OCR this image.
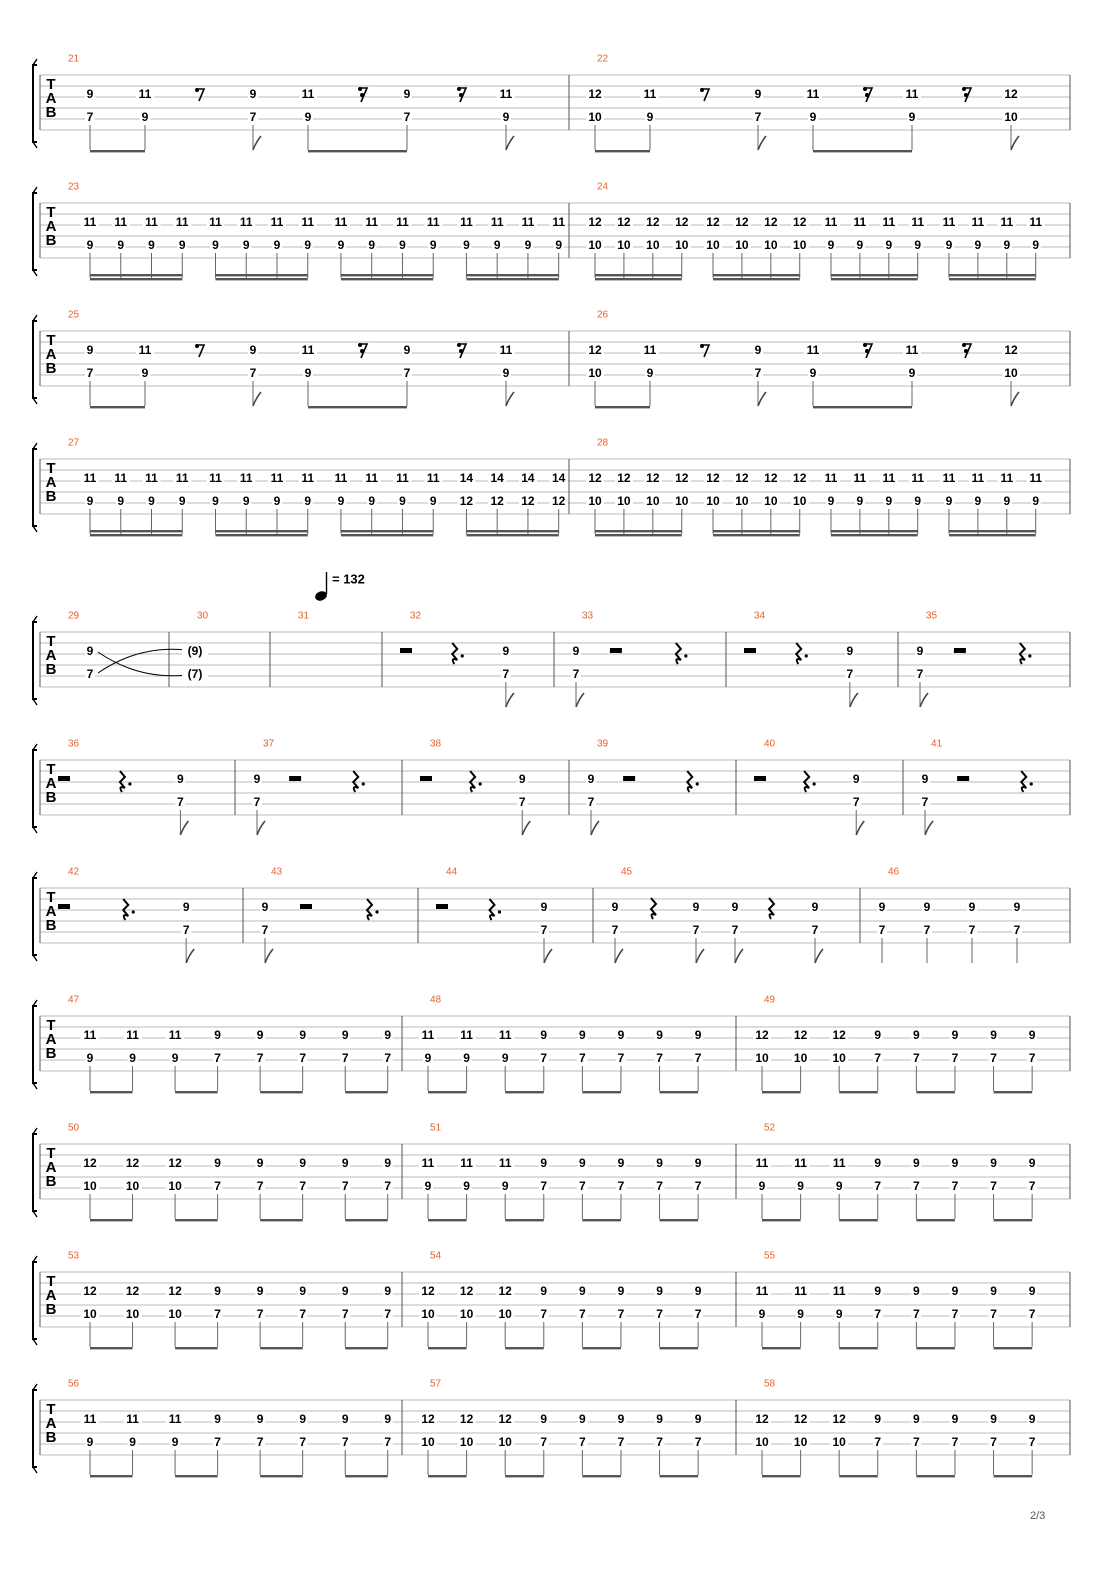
T
A
B
21
9	11	9	11	9	11
7	9	7	9	7	9
22
12	11	9	11	11	12
10	9	7	9	9	10
T
A
B
23
11 11 11 11 11 11 11 11 11 11 11 11 11 11 11 11
9 9 9 9 9 9 9 9 9 9 9 9 9 9 9 9
24
12 12 12 12 12 12 12 12 11 11 11 11 11 11 11 11
10 10 10 10 10 10 10 10 9 9 9 9 9 9 9 9
T
A
B
25
9	11	9	11	9	11
7	9	7	9	7	9
26
12	11	9	11	11	12
10	9	7	9	9	10
T
A
B
27
11 11 11 11 11 11 11 11 11 11 11 11 14 14 14 14
9 9 9 9 9 9 9 9 9 9 9 9 12 12 12 12
28
12 12 12 12 12 12 12 12 11 11 11 11 11 11 11 11
10 10 10 10 10 10 10 10 9 9 9 9 9 9 9 9
T
A
B
29
9
7
30
(9)
(7)
31	32
9
7
33
9
7
34
9
7
35
9
7
T
A
B
36
9
7
37
9
7
38
9
7
39
9
7
40
9
7
41
9
7
T
A
B
42
9
7
43
9
7
44
9
7
45
9
7
9
7
9
7
9
7
46
9
7
9
7
9
7
9
7
T
A
B
47
11 11 11	9	9	9	9	9
9	9	9	7	7	7	7	7
48
11 11 11 9	9	9	9	9
9	9	9	7	7	7	7	7
49
12 12 12 9	9	9	9	9
10 10 10 7	7	7	7	7
T
A
B
50
12 12 12	9	9	9	9	9
10 10 10	7	7	7	7	7
51
11 11 11 9	9	9	9	9
9	9	9	7	7	7	7	7
52
11 11 11 9	9	9	9	9
9	9	9	7	7	7	7	7
T
A
B
53
12 12 12	9	9	9	9	9
10 10 10	7	7	7	7	7
54
12 12 12 9	9	9	9	9
10 10 10 7	7	7	7	7
55
11 11 11 9	9	9	9	9
9	9	9	7	7	7	7	7
T
A
B
56
11 11 11	9	9	9	9	9
9	9	9	7	7	7	7	7
57
12 12 12 9	9	9	9	9
10 10 10 7	7	7	7	7
58
12 12 12 9	9	9	9	9
10 10 10 7	7	7	7	7
= 132
2/3
